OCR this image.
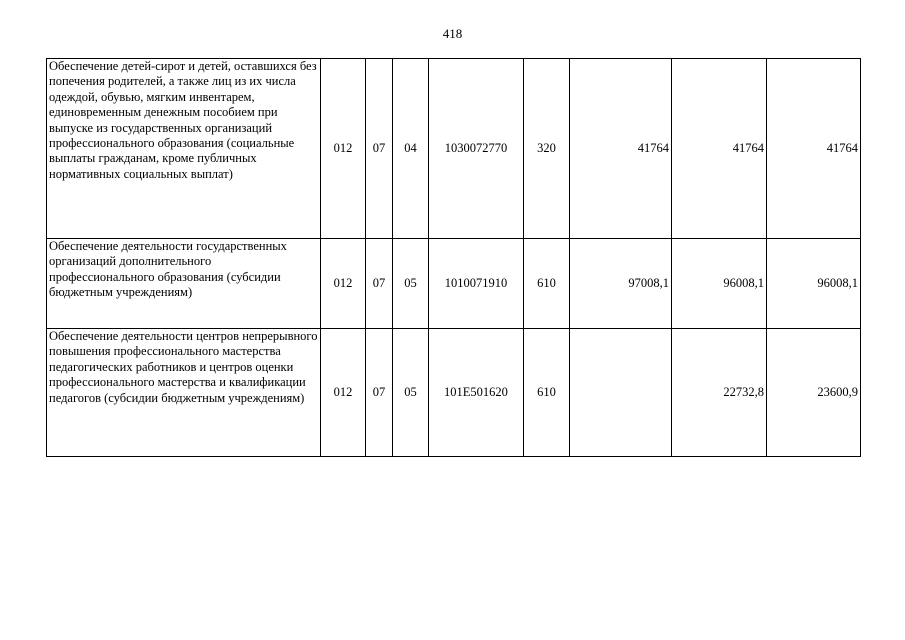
418
Обеспечение детей-сирот и детей, оставшихся без попечения родителей, а также лиц из их числа одеждой, обувью, мягким инвентарем, единовременным денежным пособием при выпуске из государственных организаций профессионального образования (социальные выплаты гражданам, кроме публичных нормативных социальных выплат)	012	07	04	1030072770	320	41764	41764	41764
Обеспечение деятельности государственных организаций дополнительного профессионального образования (субсидии бюджетным учреждениям)	012	07	05	1010071910	610	97008,1	96008,1	96008,1
Обеспечение деятельности центров непрерывного повышения профессионального мастерства педагогических работников и центров оценки профессионального мастерства и квалификации педагогов (субсидии бюджетным учреждениям)	012	07	05	101E501620	610		22732,8	23600,9
